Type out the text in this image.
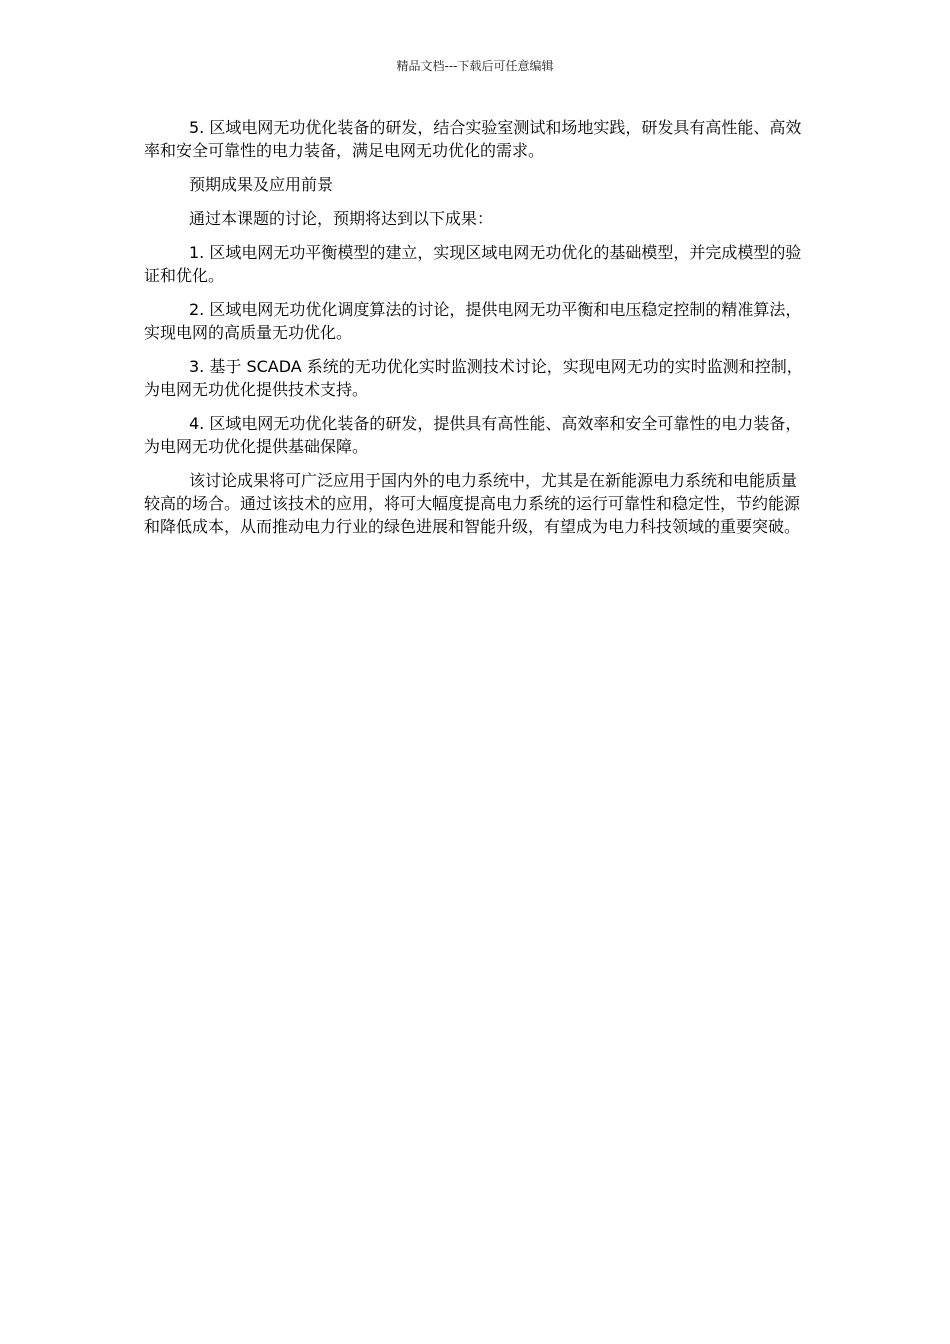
精品文档---下载后可任意编辑

5. 区域电网无功优化装备的研发，结合实验室测试和场地实践，研发具有高性能、高效率和安全可靠性的电力装备，满足电网无功优化的需求。

预期成果及应用前景

通过本课题的讨论，预期将达到以下成果：

1. 区域电网无功平衡模型的建立，实现区域电网无功优化的基础模型，并完成模型的验证和优化。

2. 区域电网无功优化调度算法的讨论，提供电网无功平衡和电压稳定控制的精准算法，实现电网的高质量无功优化。

3. 基于 SCADA 系统的无功优化实时监测技术讨论，实现电网无功的实时监测和控制，为电网无功优化提供技术支持。

4. 区域电网无功优化装备的研发，提供具有高性能、高效率和安全可靠性的电力装备，为电网无功优化提供基础保障。

该讨论成果将可广泛应用于国内外的电力系统中，尤其是在新能源电力系统和电能质量较高的场合。通过该技术的应用，将可大幅度提高电力系统的运行可靠性和稳定性，节约能源和降低成本，从而推动电力行业的绿色进展和智能升级，有望成为电力科技领域的重要突破。
